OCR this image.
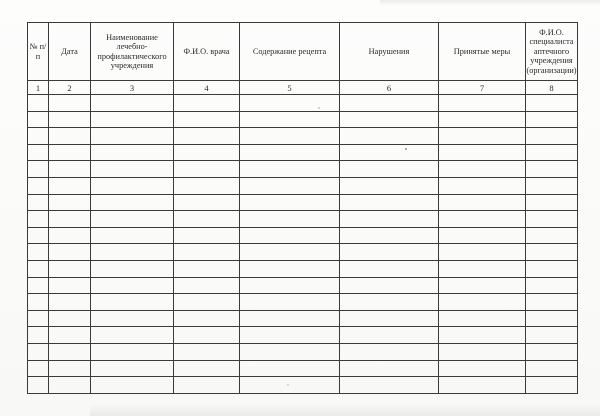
№ п/п	Дата	Наименование лечебно-профилактического учреждения	Ф.И.О. врача	Содержание рецепта	Нарушения	Принятые меры	Ф.И.О. специалиста аптечного учреждения (организации)
1	2	3	4	5	6	7	8
